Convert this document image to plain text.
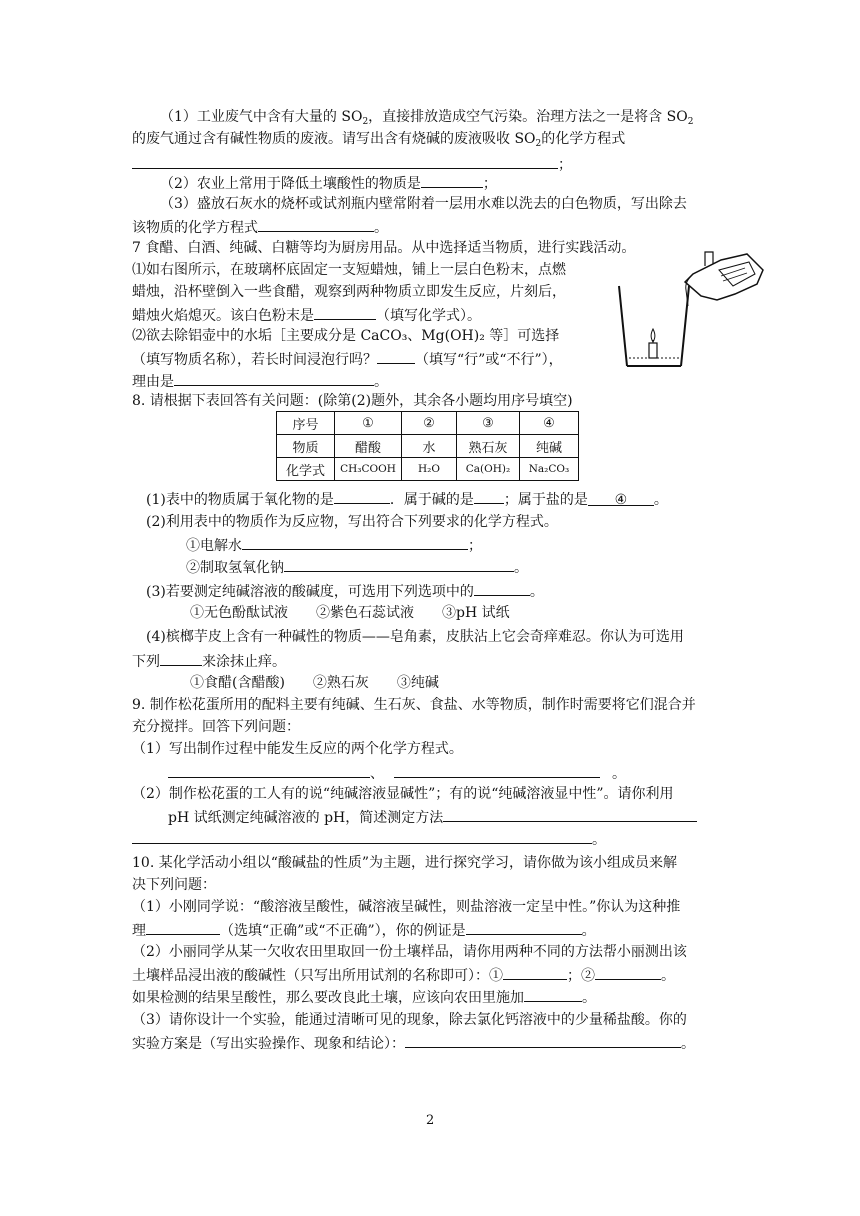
（1）工业废气中含有大量的 $SO_2$，直接排放造成空气污染。治理方法之一是将含 $SO_2$
的废气通过含有碱性物质的废液。请写出含有烧碱的废液吸收 $SO_2$的化学方程式
；
（2）农业上常用于降低土壤酸性的物质是	；
（3）盛放石灰水的烧杯或试剂瓶内壁常附着一层用水难以洗去的白色物质，写出除去
该物质的化学方程式	。
7 食醋、白酒、纯碱、白糖等均为厨房用品。从中选择适当物质，进行实践活动。
⑴如右图所示，在玻璃杯底固定一支短蜡烛，铺上一层白色粉末，点燃
蜡烛，沿杯壁倒入一些食醋，观察到两种物质立即发生反应，片刻后，
蜡烛火焰熄灭。该白色粉末是	（填写化学式）。
⑵欲去除铝壶中的水垢［主要成分是 CaCO₃、Mg(OH)₂ 等］可选择
（填写物质名称），若长时间浸泡行吗？	（填写“行”或“不行”），
理由是	。
8. 请根据下表回答有关问题：(除第(2)题外，其余各小题均用序号填空)
序号	①	②	③	④
物质	醋酸	水	熟石灰	纯碱
化学式	CH₃COOH	H₂O	Ca(OH)₂	Na₂CO₃
(1)表中的物质属于氧化物的是	．属于碱的是 ；属于盐的是 ④ 。
(2)利用表中的物质作为反应物，写出符合下列要求的化学方程式。
①电解水	；
②制取氢氧化钠	。
(3)若要测定纯碱溶液的酸碱度，可选用下列选项中的	。
①无色酚酞试液　　②紫色石蕊试液　　③pH 试纸
(4)槟榔芋皮上含有一种碱性的物质——皂角素，皮肤沾上它会奇痒难忍。你认为可选用
下列	来涂抹止痒。
①食醋(含醋酸)　　②熟石灰　　③纯碱
9. 制作松花蛋所用的配料主要有纯碱、生石灰、食盐、水等物质，制作时需要将它们混合并
充分搅拌。回答下列问题：
（1）写出制作过程中能发生反应的两个化学方程式。
、	。
（2）制作松花蛋的工人有的说“纯碱溶液显碱性”；有的说“纯碱溶液显中性”。请你利用
pH 试纸测定纯碱溶液的 pH，简述测定方法
。
10. 某化学活动小组以“酸碱盐的性质”为主题，进行探究学习，请你做为该小组成员来解
决下列问题：
（1）小刚同学说：“酸溶液呈酸性，碱溶液呈碱性，则盐溶液一定呈中性。”你认为这种推
理	（选填“正确”或“不正确”），你的例证是	。
（2）小丽同学从某一欠收农田里取回一份土壤样品，请你用两种不同的方法帮小丽测出该
土壤样品浸出液的酸碱性（只写出所用试剂的名称即可）：①	；②	。
如果检测的结果呈酸性，那么要改良此土壤，应该向农田里施加	。
（3）请你设计一个实验，能通过清晰可见的现象，除去氯化钙溶液中的少量稀盐酸。你的
实验方案是（写出实验操作、现象和结论）：	。
2
